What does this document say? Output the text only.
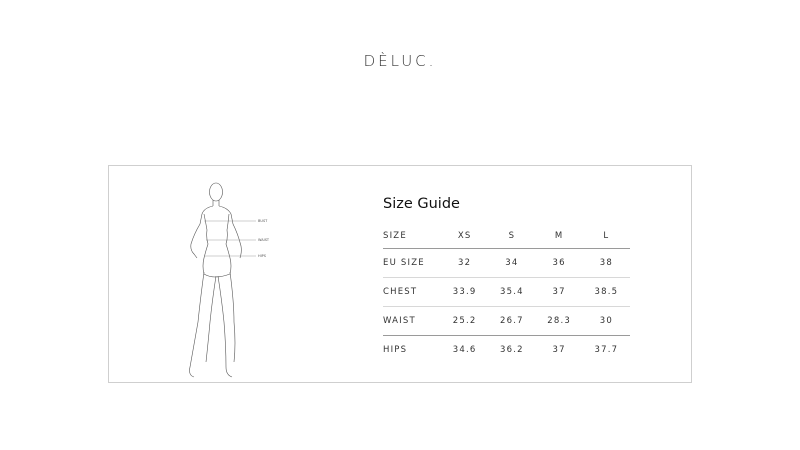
DÈLUC.
BUST
WAIST
HIPS
Size Guide
SIZE	XS	S	M	L
EU SIZE	32	34	36	38
CHEST	33.9	35.4	37	38.5
WAIST	25.2	26.7	28.3	30
HIPS	34.6	36.2	37	37.7
